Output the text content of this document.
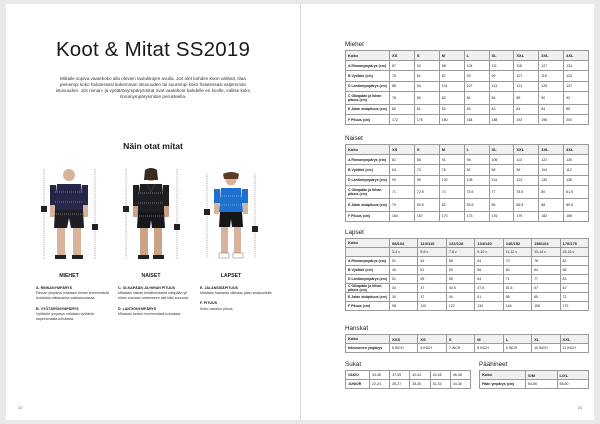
Koot & Mitat SS2019

Mittaile sopiva vaatekoko alla olevien taulukkojen avulla. Jos olet kahden koon välissä, tilaa pienempi koko halutessasi tiukemman istuvuuden tai suurempi koko halutessasi väljemmän istuvuuden. Jos rinnan- ja vyötärönympärysmitat ovat vaatekoot kahdelle eri koolle, valitse koko rinnanympärysmitan perusteella.

Näin otat mitat
MIEHET	NAISET	LAPSET
A. RINNANYMPÄRYS
Rinnan ympärys mitataan rinnan leveimmästä kohdasta mittanauha vaakasuorassa.
B. VYÖTÄRÖNYMPÄRYS
Vyötärön ympärys mitataan vyötärön kapeimmasta kohdasta.
C. OLKAPÄÄN JA HIHAN PITUUS
Mitataan niskan keskikohdasta olkapään yli hihan suoraan ranteeseen asti käsi suorana.
D. LANTIONYMPÄRYS
Mitataan lantion leveimmästä kohdasta.
E. JALANSISÄPITUUS
Mitataan haarasta nilkkaan jalan sisäpuolelta.
F. PITUUS
Koko vartalon pituus.
22
Miehet
Koko	XS	S	M	L	XL	XXL	3XL	4XL
A Rinnanympärys (cm)	87	92	98	104	111	118	127	134
B Vyötärö (cm)	75	81	87	93	99	107	115	124
D Lantionympärys (cm)	88	94	101	107	113	121	129	137
C Olkapään ja hihan pituus (cm)	78	80	82	84	86	88	90	92
E Jalan sisäpituus (cm)	80	81	82	83	83	84	84	85
F Pituus (cm)	172	176	180	184	188	192	196	200
Naiset
Koko	XS	S	M	L	XL	XXL	3XL	4XL
A Rinnanympärys (cm)	82	86	91	98	105	114	122	130
B Vyötärö (cm)	64	70	76	82	88	96	104	112
D Lantionympärys (cm)	90	96	102	108	114	122	130	138
C Olkapään ja hihan pituus (cm)	71	72.5	74	75.5	77	78.5	80	81.5
E Jalan sisäpituus (cm)	79	80.5	82	83.5	85	86.5	88	89.5
F Pituus (cm)	164	167	170	173	176	179	182	185
Lapset
Koko	98/104	110/116	122/128	134/140	146/152	158/164	170/176
	3-4 v	5-6 v	7-8 v	9-10 v	11-12 v	13-14 v	15-16 v
A Rinnanympärys (cm)	51	54	58	64	70	76	82
B Vyötärö (cm)	49	51	53	56	60	64	68
D Lantionympärys (cm)	51	55	59	64	71	77	83
C Olkapään ja hihan pituus (cm)	34	37	40.5	47.5	51.5	57	62
E Jalan sisäpituus (cm)	30	37	44	51	58	65	72
F Pituus (cm)	98	110	122	134	146	158	170
Hanskat
Koko	XXS	XS	S	M	L	XL	XXL
Kämmenen ympärys	5 INCH	6 INCH	7 INCH	8 INCH	9 INCH	10 INCH	11 INCH
Sukat
VAKIO	34-36	37-39	40-42	43-45	46-48
JUNIOR	22-24	25-27	28-30	31-33	34-36
Päähineet
Koko	S/M	L/XL
Pään ympärys (cm)	54-56	58-60
23
